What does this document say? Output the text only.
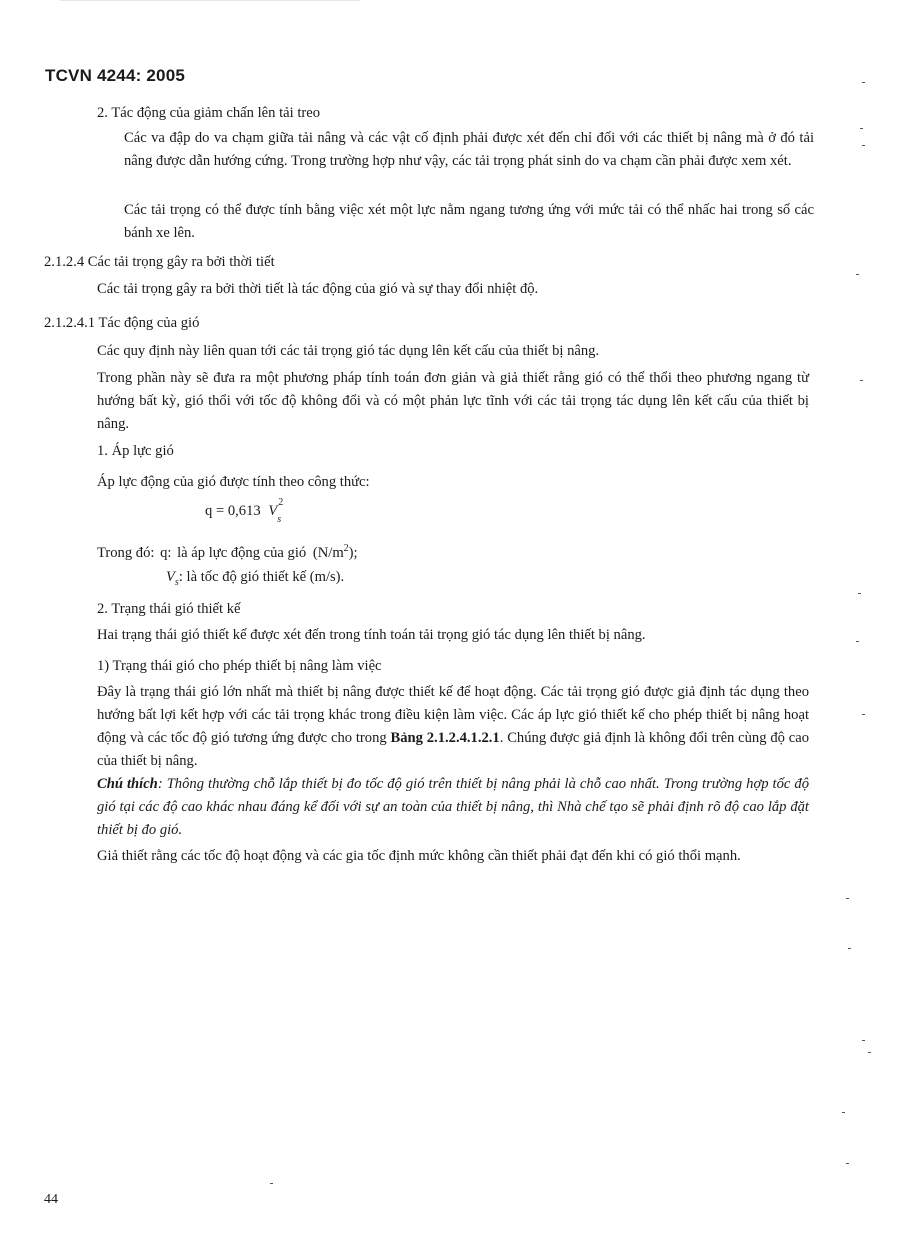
TCVN 4244: 2005

2. Tác động của giảm chấn lên tải treo

Các va đập do va chạm giữa tải nâng và các vật cố định phải được xét đến chỉ đối với các thiết bị nâng mà ở đó tải nâng được dẫn hướng cứng. Trong trường hợp như vậy, các tải trọng phát sinh do va chạm cần phải được xem xét.

Các tải trọng có thể được tính bằng việc xét một lực nằm ngang tương ứng với mức tải có thể nhấc hai trong số các bánh xe lên.

2.1.2.4 Các tải trọng gây ra bởi thời tiết

Các tải trọng gây ra bởi thời tiết là tác động của gió và sự thay đổi nhiệt độ.

2.1.2.4.1 Tác động của gió

Các quy định này liên quan tới các tải trọng gió tác dụng lên kết cấu của thiết bị nâng.

Trong phần này sẽ đưa ra một phương pháp tính toán đơn giản và giả thiết rằng gió có thể thổi theo phương ngang từ hướng bất kỳ, gió thổi với tốc độ không đổi và có một phản lực tĩnh với các tải trọng tác dụng lên kết cấu của thiết bị nâng.

1. Áp lực gió

Áp lực động của gió được tính theo công thức:

q = 0,613 V
2
s

Trong đó: q: là áp lực động của gió $(N/m^2)$;

$V_s$: là tốc độ gió thiết kế (m/s).

2. Trạng thái gió thiết kế

Hai trạng thái gió thiết kế được xét đến trong tính toán tải trọng gió tác dụng lên thiết bị nâng.

1) Trạng thái gió cho phép thiết bị nâng làm việc

Đây là trạng thái gió lớn nhất mà thiết bị nâng được thiết kế để hoạt động. Các tải trọng gió được giả định tác dụng theo hướng bất lợi kết hợp với các tải trọng khác trong điều kiện làm việc. Các áp lực gió thiết kế cho phép thiết bị nâng hoạt động và các tốc độ gió tương ứng được cho trong Bảng 2.1.2.4.1.2.1. Chúng được giả định là không đổi trên cùng độ cao của thiết bị nâng.

Chú thích: Thông thường chỗ lắp thiết bị đo tốc độ gió trên thiết bị nâng phải là chỗ cao nhất. Trong trường hợp tốc độ gió tại các độ cao khác nhau đáng kể đối với sự an toàn của thiết bị nâng, thì Nhà chế tạo sẽ phải định rõ độ cao lắp đặt thiết bị đo gió.

Giả thiết rằng các tốc độ hoạt động và các gia tốc định mức không cần thiết phải đạt đến khi có gió thổi mạnh.

44
